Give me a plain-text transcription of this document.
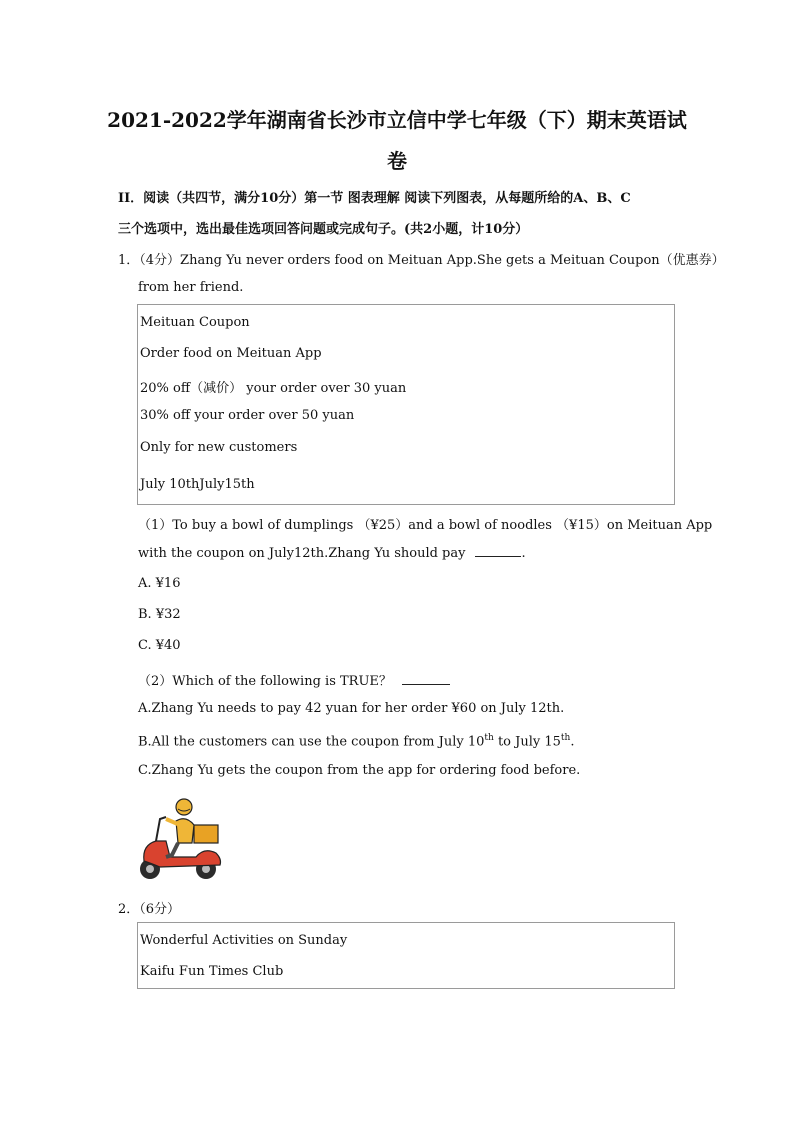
2021-2022学年湖南省长沙市立信中学七年级（下）期末英语试
卷

II．阅读（共四节，满分10分）第一节 图表理解 阅读下列图表，从每题所给的A、B、C

三个选项中，选出最佳选项回答问题或完成句子。(共2小题，计10分）

1．（4分）Zhang Yu never orders food on Meituan App.She gets a Meituan Coupon（优惠券）

from her friend.

Meituan Coupon
Order food on Meituan App
20% off（减价） your order over 30 yuan
30% off your order over 50 yuan
Only for new customers
July 10thJuly15th

（1）To buy a bowl of dumplings （¥25）and a bowl of noodles （¥15）on Meituan App

with the coupon on July12th.Zhang Yu should pay	.

A. ¥16

B. ¥32

C. ¥40

（2）Which of the following is TRUE？

A.Zhang Yu needs to pay 42 yuan for her order ¥60 on July 12th.

B.All the customers can use the coupon from July 10th to July 15th.

C.Zhang Yu gets the coupon from the app for ordering food before.

2．（6分）

Wonderful Activities on Sunday
Kaifu Fun Times Club
